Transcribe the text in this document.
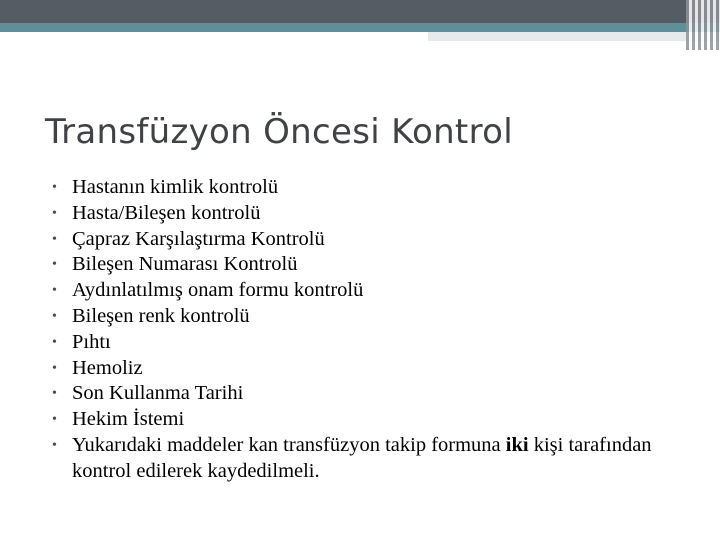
Transfüzyon Öncesi Kontrol
• Hastanın kimlik kontrolü
• Hasta/Bileşen kontrolü
• Çapraz Karşılaştırma Kontrolü
• Bileşen Numarası Kontrolü
• Aydınlatılmış onam formu kontrolü
• Bileşen renk kontrolü
• Pıhtı
• Hemoliz
• Son Kullanma Tarihi
• Hekim İstemi
• Yukarıdaki maddeler kan transfüzyon takip formuna iki kişi tarafından kontrol edilerek kaydedilmeli.
